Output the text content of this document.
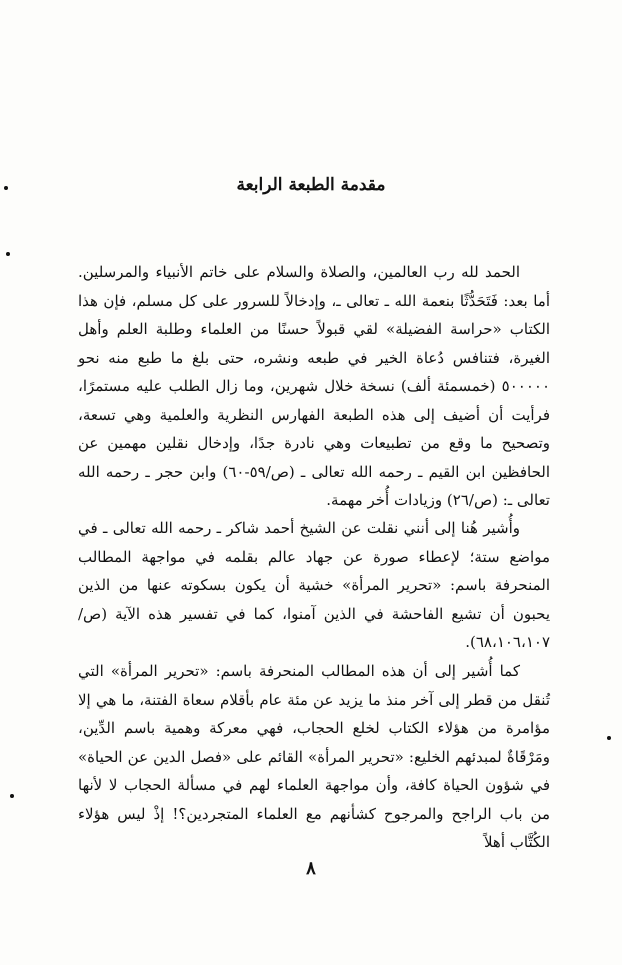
مقدمة الطبعة الرابعة

الحمد لله رب العالمين، والصلاة والسلام على خاتم الأنبياء والمرسلين. أما بعد: فَتَحَدُّثًا بنعمة الله ـ تعالى ـ، وإدخالاً للسرور على كل مسلم، فإن هذا الكتاب «حراسة الفضيلة» لقي قبولاً حسنًا من العلماء وطلبة العلم وأهل الغيرة، فتنافس دُعاة الخير في طبعه ونشره، حتى بلغ ما طبع منه نحو ٥٠٠٠٠٠ (خمسمئة ألف) نسخة خلال شهرين، وما زال الطلب عليه مستمرًا، فرأيت أن أضيف إلى هذه الطبعة الفهارس النظرية والعلمية وهي تسعة، وتصحيح ما وقع من تطبيعات وهي نادرة جدًا، وإدخال نقلين مهمين عن الحافظين ابن القيم ـ رحمه الله تعالى ـ (ص/٥٩-٦٠) وابن حجر ـ رحمه الله تعالى ـ: (ص/٢٦) وزيادات أُخر مهمة.

وأُشير هُنا إلى أنني نقلت عن الشيخ أحمد شاكر ـ رحمه الله تعالى ـ في مواضع ستة؛ لإعطاء صورة عن جهاد عالم بقلمه في مواجهة المطالب المنحرفة باسم: «تحرير المرأة» خشية أن يكون بسكوته عنها من الذين يحبون أن تشيع الفاحشة في الذين آمنوا، كما في تفسير هذه الآية (ص/٦٨،١٠٦،١٠٧).

كما أُشير إلى أن هذه المطالب المنحرفة باسم: «تحرير المرأة» التي تُنقل من قطر إلى آخر منذ ما يزيد عن مئة عام بأقلام سعاة الفتنة، ما هي إلا مؤامرة من هؤلاء الكتاب لخلع الحجاب، فهي معركة وهمية باسم الدِّين، ومَرْقَاةٌ لمبدئهم الخليع: «تحرير المرأة» القائم على «فصل الدين عن الحياة» في شؤون الحياة كافة، وأن مواجهة العلماء لهم في مسألة الحجاب لا لأنها من باب الراجح والمرجوح كشأنهم مع العلماء المتجردين؟! إذْ ليس هؤلاء الكُتَّاب أهلاً

٨
